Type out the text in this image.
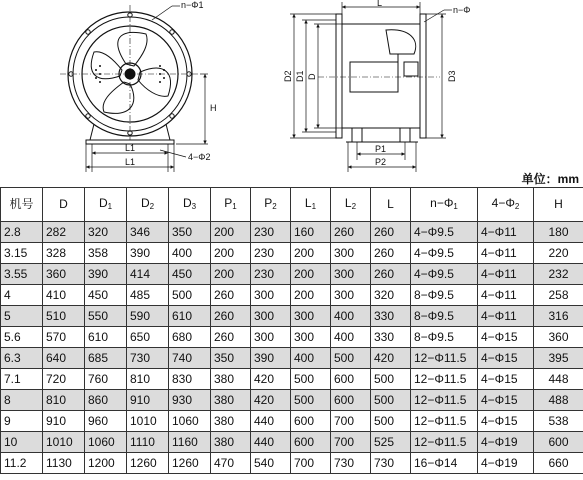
n−Φ1
H
L1
L1	4−Φ2
L
n−Φ
D2 D1 D	D3
P1
P2
单位：mm
机号	D	$D_1$	$D_2$	$D_3$	$P_1$	$P_2$	$L_1$	$L_2$	L	$n-\Phi_1$	$4-\Phi_2$	H
2.8	282	320	346	350	200	230	160	260	260	4−Φ9.5	4−Φ11	180
3.15	328	358	390	400	200	230	200	300	260	4−Φ9.5	4−Φ11	220
3.55	360	390	414	450	200	230	200	300	260	4−Φ9.5	4−Φ11	232
4	410	450	485	500	260	300	200	300	320	8−Φ9.5	4−Φ11	258
5	510	550	590	610	260	300	300	400	330	8−Φ9.5	4−Φ11	316
5.6	570	610	650	680	260	300	300	400	330	8−Φ9.5	4−Φ15	360
6.3	640	685	730	740	350	390	400	500	420	12−Φ11.5	4−Φ15	395
7.1	720	760	810	830	380	420	500	600	500	12−Φ11.5	4−Φ15	448
8	810	860	910	930	380	420	500	600	500	12−Φ11.5	4−Φ15	488
9	910	960	1010	1060	380	440	600	700	500	12−Φ11.5	4−Φ15	538
10	1010	1060	1110	1160	380	440	600	700	525	12−Φ11.5	4−Φ19	600
11.2	1130	1200	1260	1260	470	540	700	730	730	16−Φ14	4−Φ19	660
